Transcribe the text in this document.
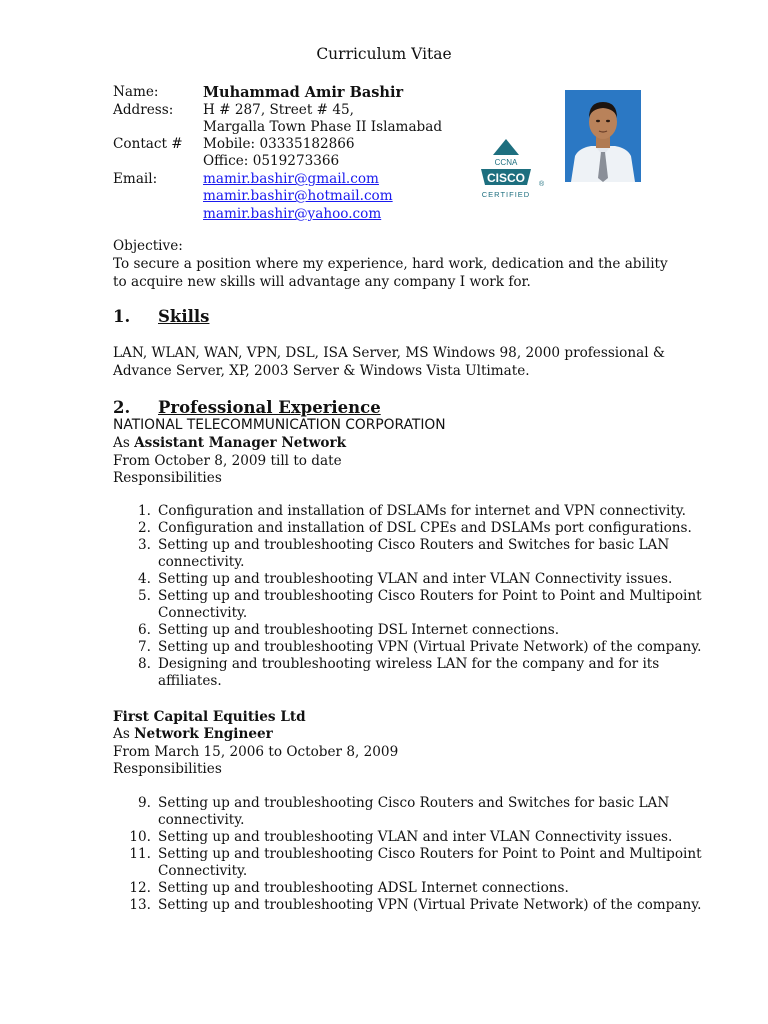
Curriculum Vitae
Name:	Muhammad Amir Bashir
Address: H # 287, Street # 45,
Margalla Town Phase II Islamabad
Contact # Mobile: 03335182866
Office: 0519273366
Email:	mamir.bashir@gmail.com
mamir.bashir@hotmail.com
mamir.bashir@yahoo.com
CCNA
CISCO ®
CERTIFIED
Objective:
To secure a position where my experience, hard work, dedication and the ability to acquire new skills will advantage any company I work for.
1. Skills
LAN, WLAN, WAN, VPN, DSL, ISA Server, MS Windows 98, 2000 professional & Advance Server, XP, 2003 Server & Windows Vista Ultimate.
2. Professional Experience
NATIONAL TELECOMMUNICATION CORPORATION
As Assistant Manager Network
From October 8, 2009 till to date
Responsibilities
1. Configuration and installation of DSLAMs for internet and VPN connectivity.
2. Configuration and installation of DSL CPEs and DSLAMs port configurations.
3. Setting up and troubleshooting Cisco Routers and Switches for basic LAN connectivity.
4. Setting up and troubleshooting VLAN and inter VLAN Connectivity issues.
5. Setting up and troubleshooting Cisco Routers for Point to Point and Multipoint Connectivity.
6. Setting up and troubleshooting DSL Internet connections.
7. Setting up and troubleshooting VPN (Virtual Private Network) of the company.
8. Designing and troubleshooting wireless LAN for the company and for its affiliates.
First Capital Equities Ltd
As Network Engineer
From March 15, 2006 to October 8, 2009
Responsibilities
9. Setting up and troubleshooting Cisco Routers and Switches for basic LAN connectivity.
10. Setting up and troubleshooting VLAN and inter VLAN Connectivity issues.
11. Setting up and troubleshooting Cisco Routers for Point to Point and Multipoint Connectivity.
12. Setting up and troubleshooting ADSL Internet connections.
13. Setting up and troubleshooting VPN (Virtual Private Network) of the company.
